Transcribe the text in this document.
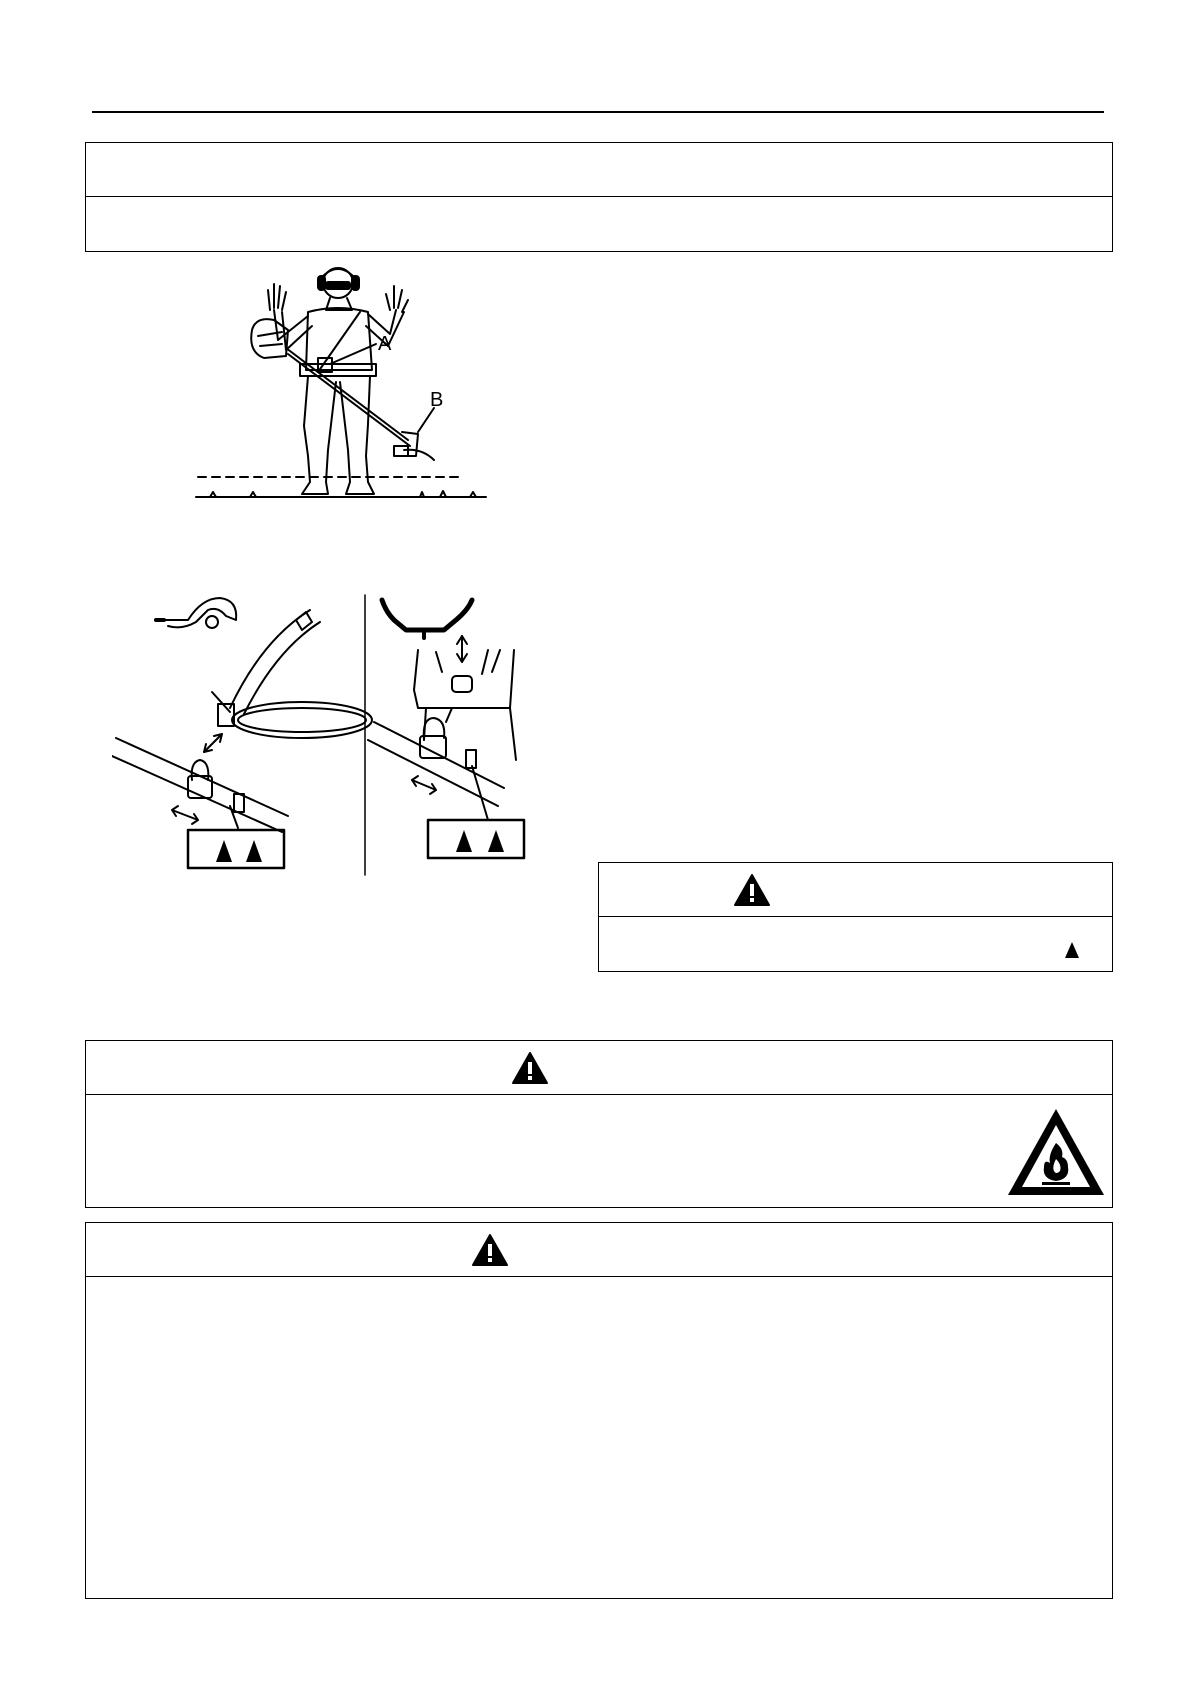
A
B
